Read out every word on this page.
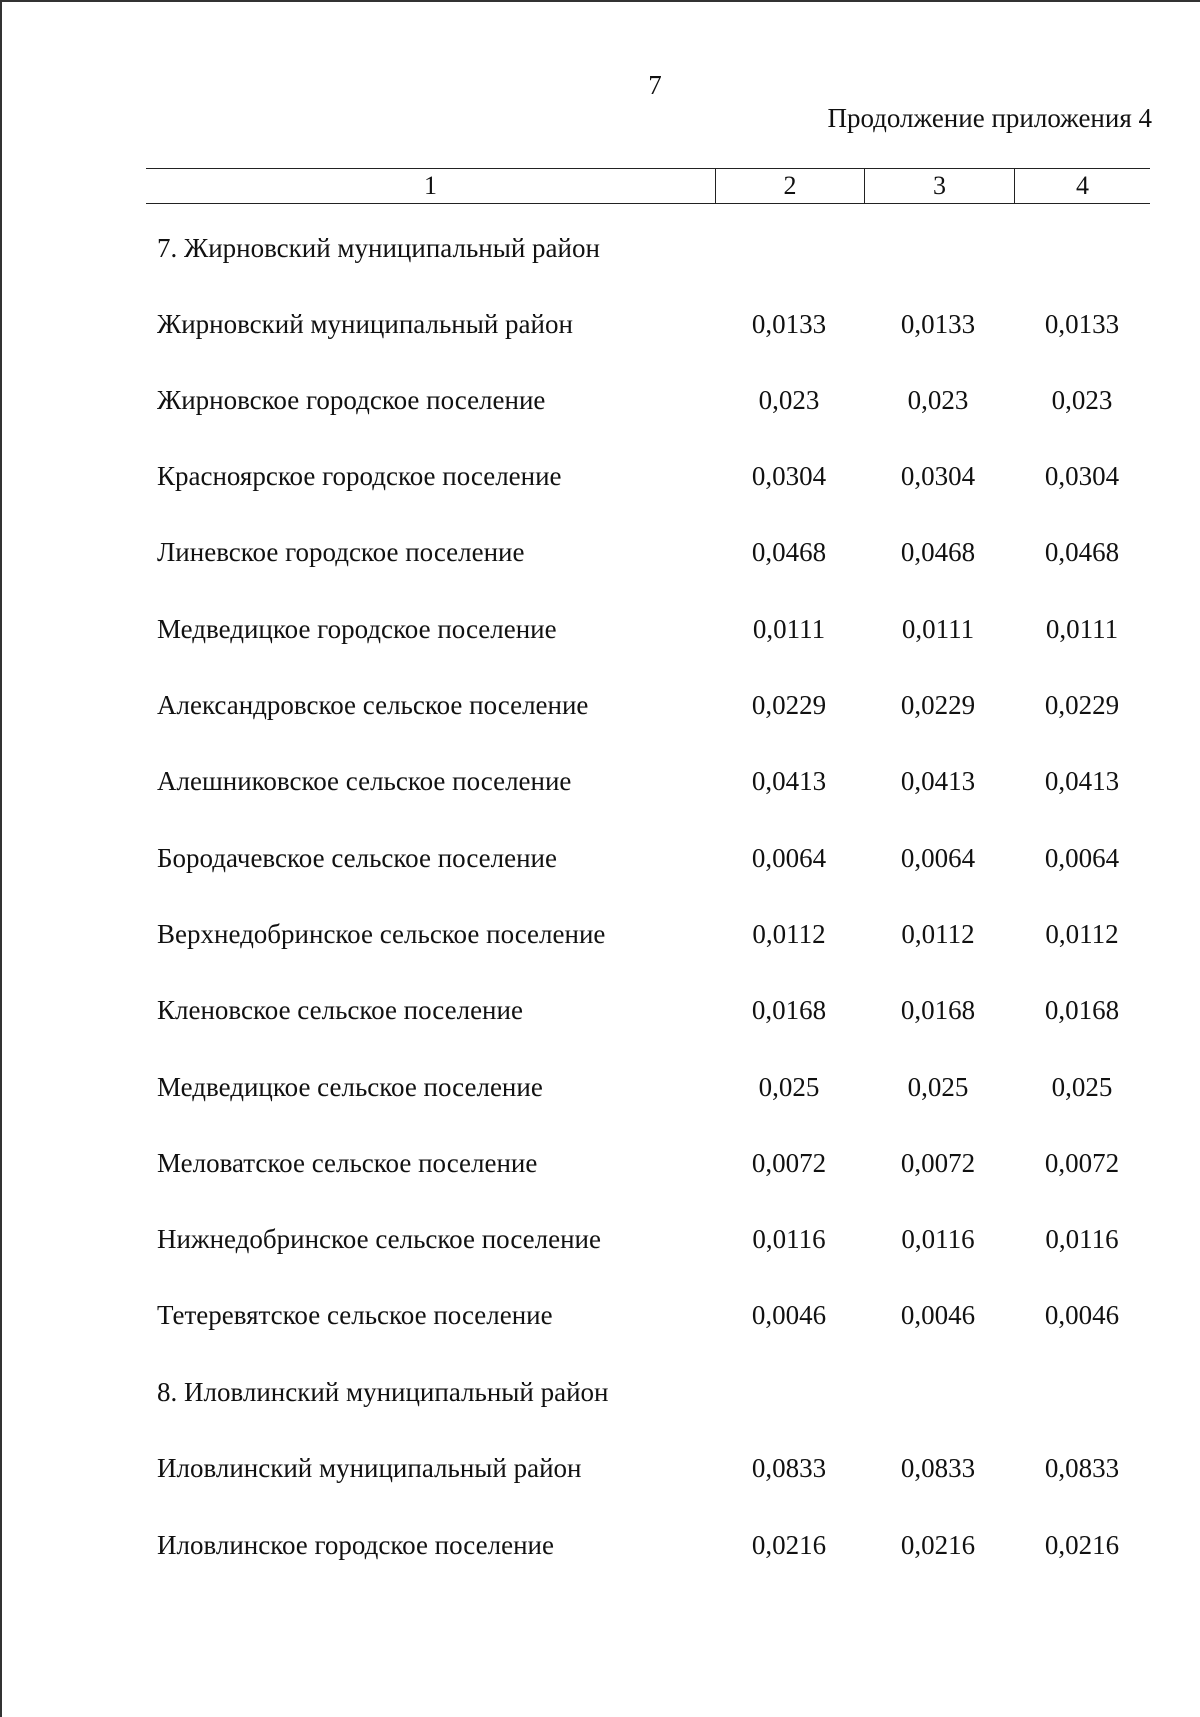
7
Продолжение приложения 4
1	2	3	4
7. Жирновский муниципальный район
Жирновский муниципальный район	0,0133	0,0133	0,0133
Жирновское городское поселение	0,023	0,023	0,023
Красноярское городское поселение	0,0304	0,0304	0,0304
Линевское городское поселение	0,0468	0,0468	0,0468
Медведицкое городское поселение	0,0111	0,0111	0,0111
Александровское сельское поселение	0,0229	0,0229	0,0229
Алешниковское сельское поселение	0,0413	0,0413	0,0413
Бородачевское сельское поселение	0,0064	0,0064	0,0064
Верхнедобринское сельское поселение	0,0112	0,0112	0,0112
Кленовское сельское поселение	0,0168	0,0168	0,0168
Медведицкое сельское поселение	0,025	0,025	0,025
Меловатское сельское поселение	0,0072	0,0072	0,0072
Нижнедобринское сельское поселение	0,0116	0,0116	0,0116
Тетеревятское сельское поселение	0,0046	0,0046	0,0046
8. Иловлинский муниципальный район
Иловлинский муниципальный район	0,0833	0,0833	0,0833
Иловлинское городское поселение	0,0216	0,0216	0,0216
